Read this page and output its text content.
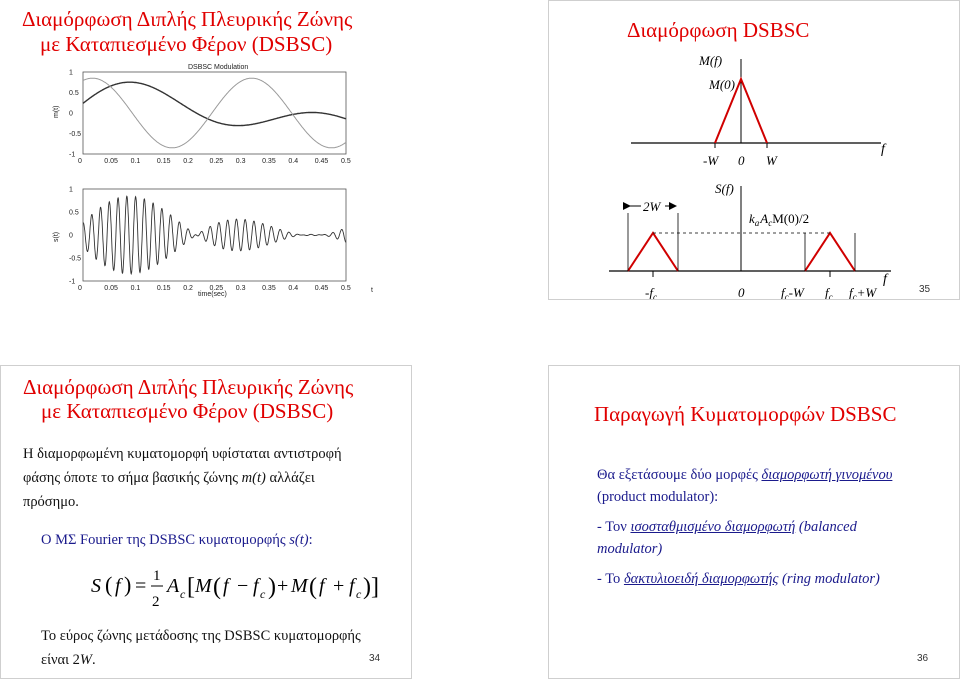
Διαμόρφωση Διπλής Πλευρικής Ζώνης
με Καταπιεσμένο Φέρον (DSBSC)
DSBSC Modulation
m(t)
1
0.5
0
-0.5
-1
0	0.05 0.1 0.15 0.2 0.25 0.3 0.35 0.4 0.45 0.5
s(t)
time(sec)
1
0.5
0
-0.5
-1
0	0.05 0.1 0.15 0.2 0.25 0.3 0.35 0.4 0.45 0.5	t
Διαμόρφωση DSBSC
M(f)
M(0)
-W 0 W
f
2W
S(f)
$k_aA_cM(0)/2$
$-f_c$	0	$f_c-W$ $f_c$ $f_c+W$
f
35
Διαμόρφωση Διπλής Πλευρικής Ζώνης
με Καταπιεσμένο Φέρον (DSBSC)
Η διαμορφωμένη κυματομορφή υφίσταται αντιστροφή
φάσης όποτε το σήμα βασικής ζώνης m(t) αλλάζει
πρόσημο.
Ο ΜΣ Fourier της DSBSC κυματομορφής s(t):
S ( f ) = 1
2
A c [ M ( f − f c ) + M ( f + f c )]
Το εύρος ζώνης μετάδοσης της DSBSC κυματομορφής
είναι 2W.	34
Παραγωγή Κυματομορφών DSBSC
Θα εξετάσουμε δύο μορφές διαμορφωτή γινομένου
(product modulator):
- Τον ισοσταθμισμένο διαμορφωτή (balanced
modulator)
- Το δακτυλιοειδή διαμορφωτής (ring modulator)
36
